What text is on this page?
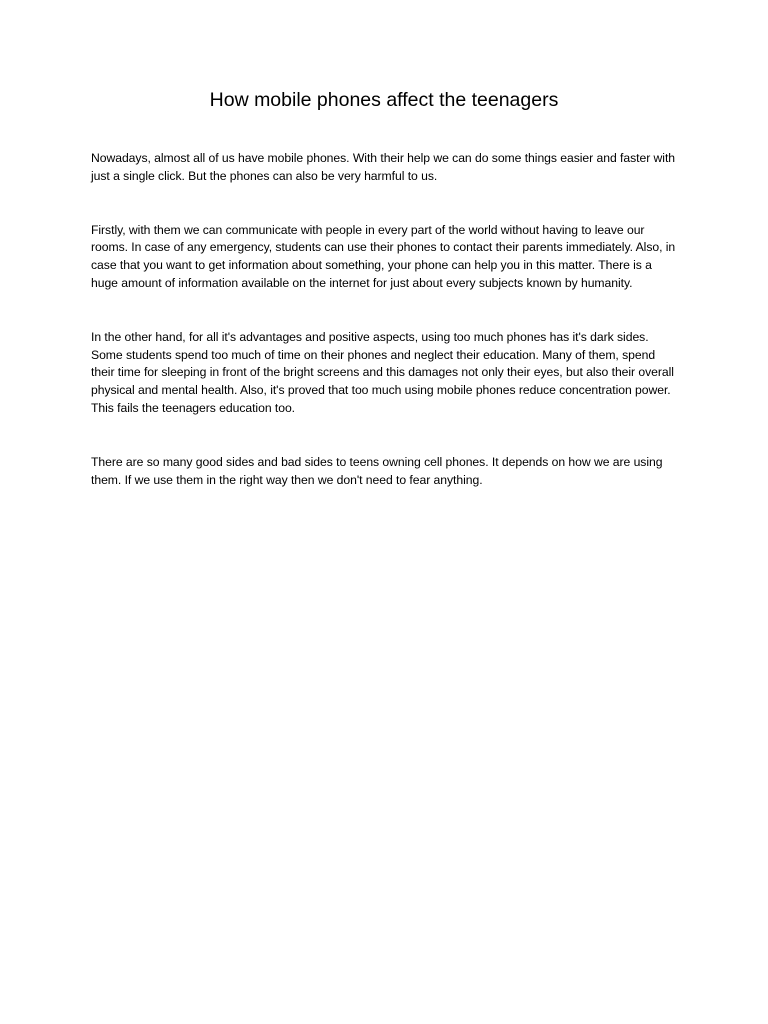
How mobile phones affect the teenagers

Nowadays, almost all of us have mobile phones. With their help we can do some things easier and faster with just a single click. But the phones can also be very harmful to us.

Firstly, with them we can communicate with people in every part of the world without having to leave our rooms. In case of any emergency, students can use their phones to contact their parents immediately. Also, in case that you want to get information about something, your phone can help you in this matter. There is a huge amount of information available on the internet for just about every subjects known by humanity.

In the other hand, for all it's advantages and positive aspects, using too much phones has it's dark sides. Some students spend too much of time on their phones and neglect their education. Many of them, spend their time for sleeping in front of the bright screens and this damages not only their eyes, but also their overall physical and mental health. Also, it's proved that too much using mobile phones reduce concentration power. This fails the teenagers education too.

There are so many good sides and bad sides to teens owning cell phones. It depends on how we are using them. If we use them in the right way then we don't need to fear anything.
